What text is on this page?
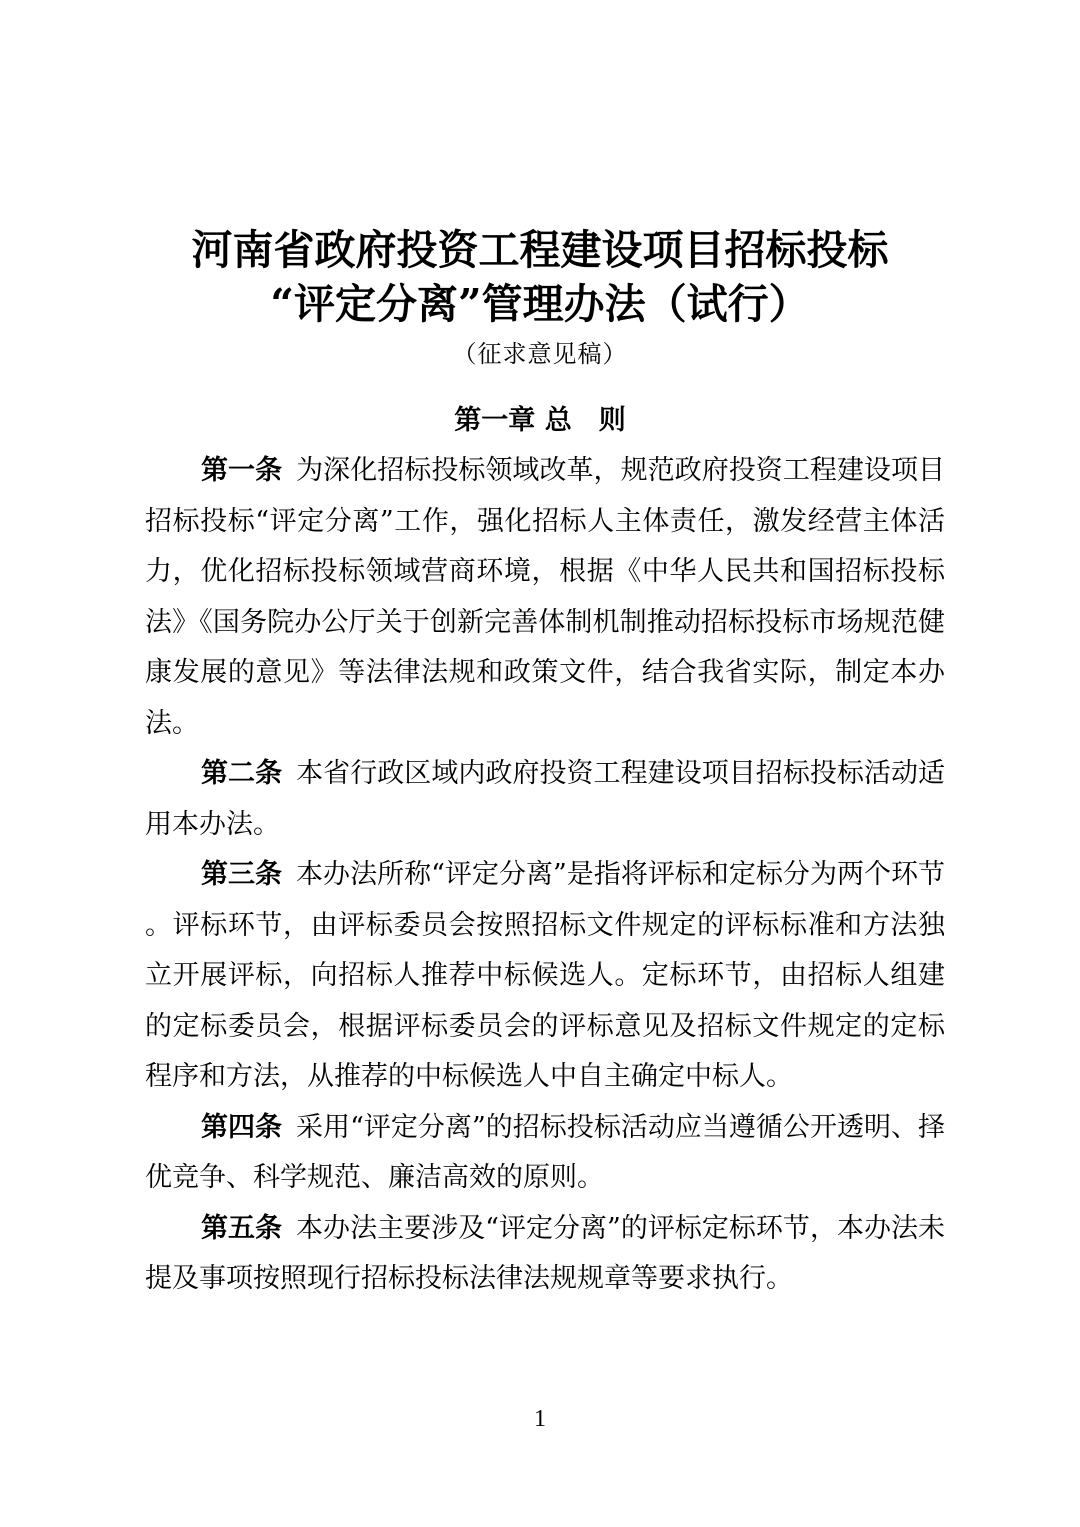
河南省政府投资工程建设项目招标投标
“评定分离”管理办法（试行）
（征求意见稿）
第一章 总　则

第一条 为深化招标投标领域改革，规范政府投资工程建设项目招标投标“评定分离”工作，强化招标人主体责任，激发经营主体活力，优化招标投标领域营商环境，根据《中华人民共和国招标投标法》《国务院办公厅关于创新完善体制机制推动招标投标市场规范健康发展的意见》等法律法规和政策文件，结合我省实际，制定本办法。

第二条 本省行政区域内政府投资工程建设项目招标投标活动适用本办法。

第三条 本办法所称“评定分离”是指将评标和定标分为两个环节。评标环节，由评标委员会按照招标文件规定的评标标准和方法独立开展评标，向招标人推荐中标候选人。定标环节，由招标人组建的定标委员会，根据评标委员会的评标意见及招标文件规定的定标程序和方法，从推荐的中标候选人中自主确定中标人。

第四条 采用“评定分离”的招标投标活动应当遵循公开透明、择优竞争、科学规范、廉洁高效的原则。

第五条 本办法主要涉及“评定分离”的评标定标环节，本办法未提及事项按照现行招标投标法律法规规章等要求执行。

1
